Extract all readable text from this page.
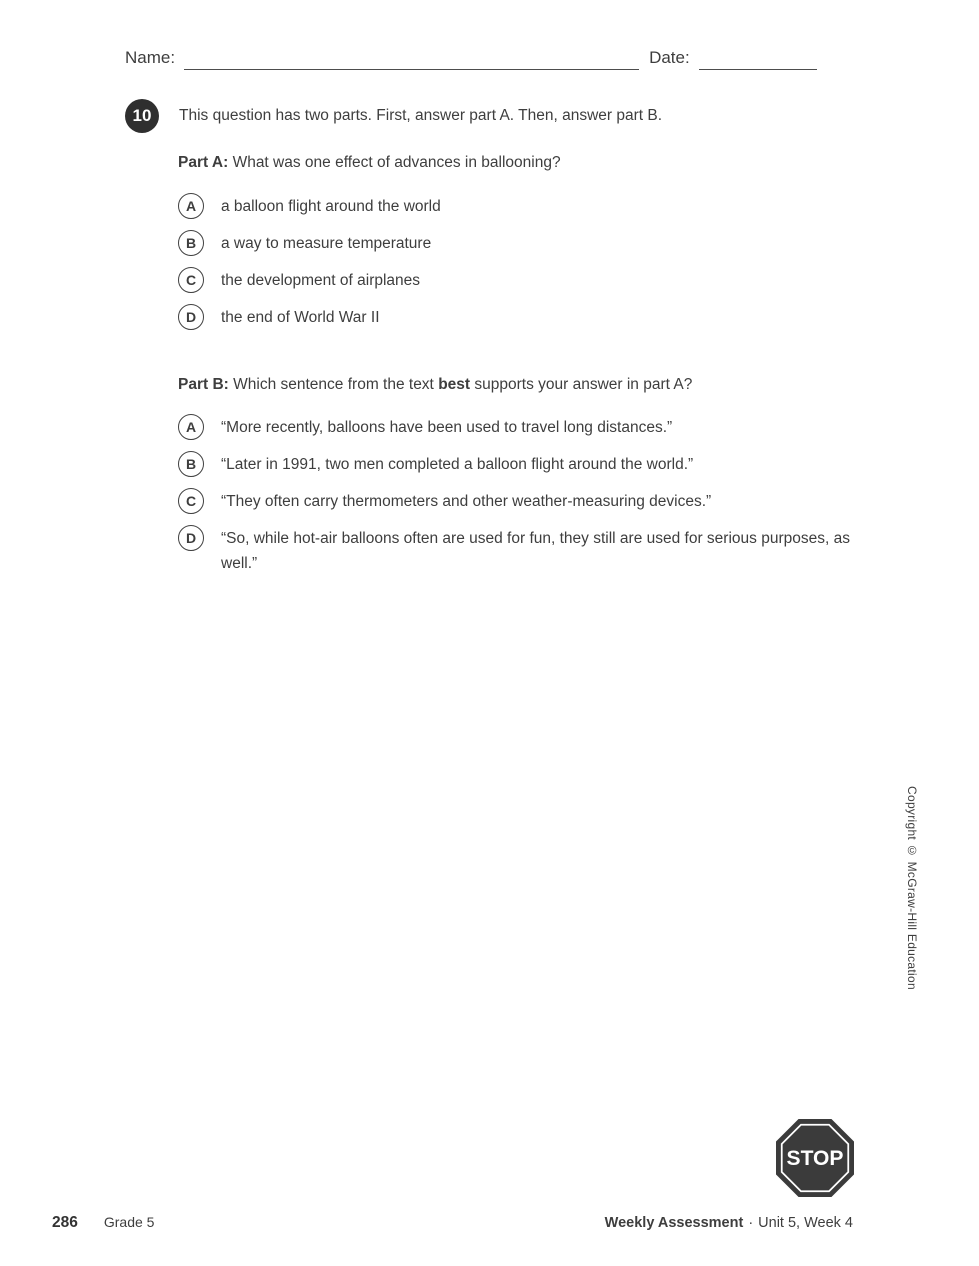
Name:	Date:
10	This question has two parts. First, answer part A. Then, answer part B.
Part A: What was one effect of advances in ballooning?
A	a balloon flight around the world
B	a way to measure temperature
C	the development of airplanes
D	the end of World War II
Part B: Which sentence from the text best supports your answer in part A?
A	“More recently, balloons have been used to travel long distances.”
B	“Later in 1991, two men completed a balloon flight around the world.”
C	“They often carry thermometers and other weather-measuring devices.”
D	“So, while hot-air balloons often are used for fun, they still are used for serious purposes, as well.”
Copyright © McGraw-Hill Education
STOP
286 Grade 5	Weekly Assessment · Unit 5, Week 4
